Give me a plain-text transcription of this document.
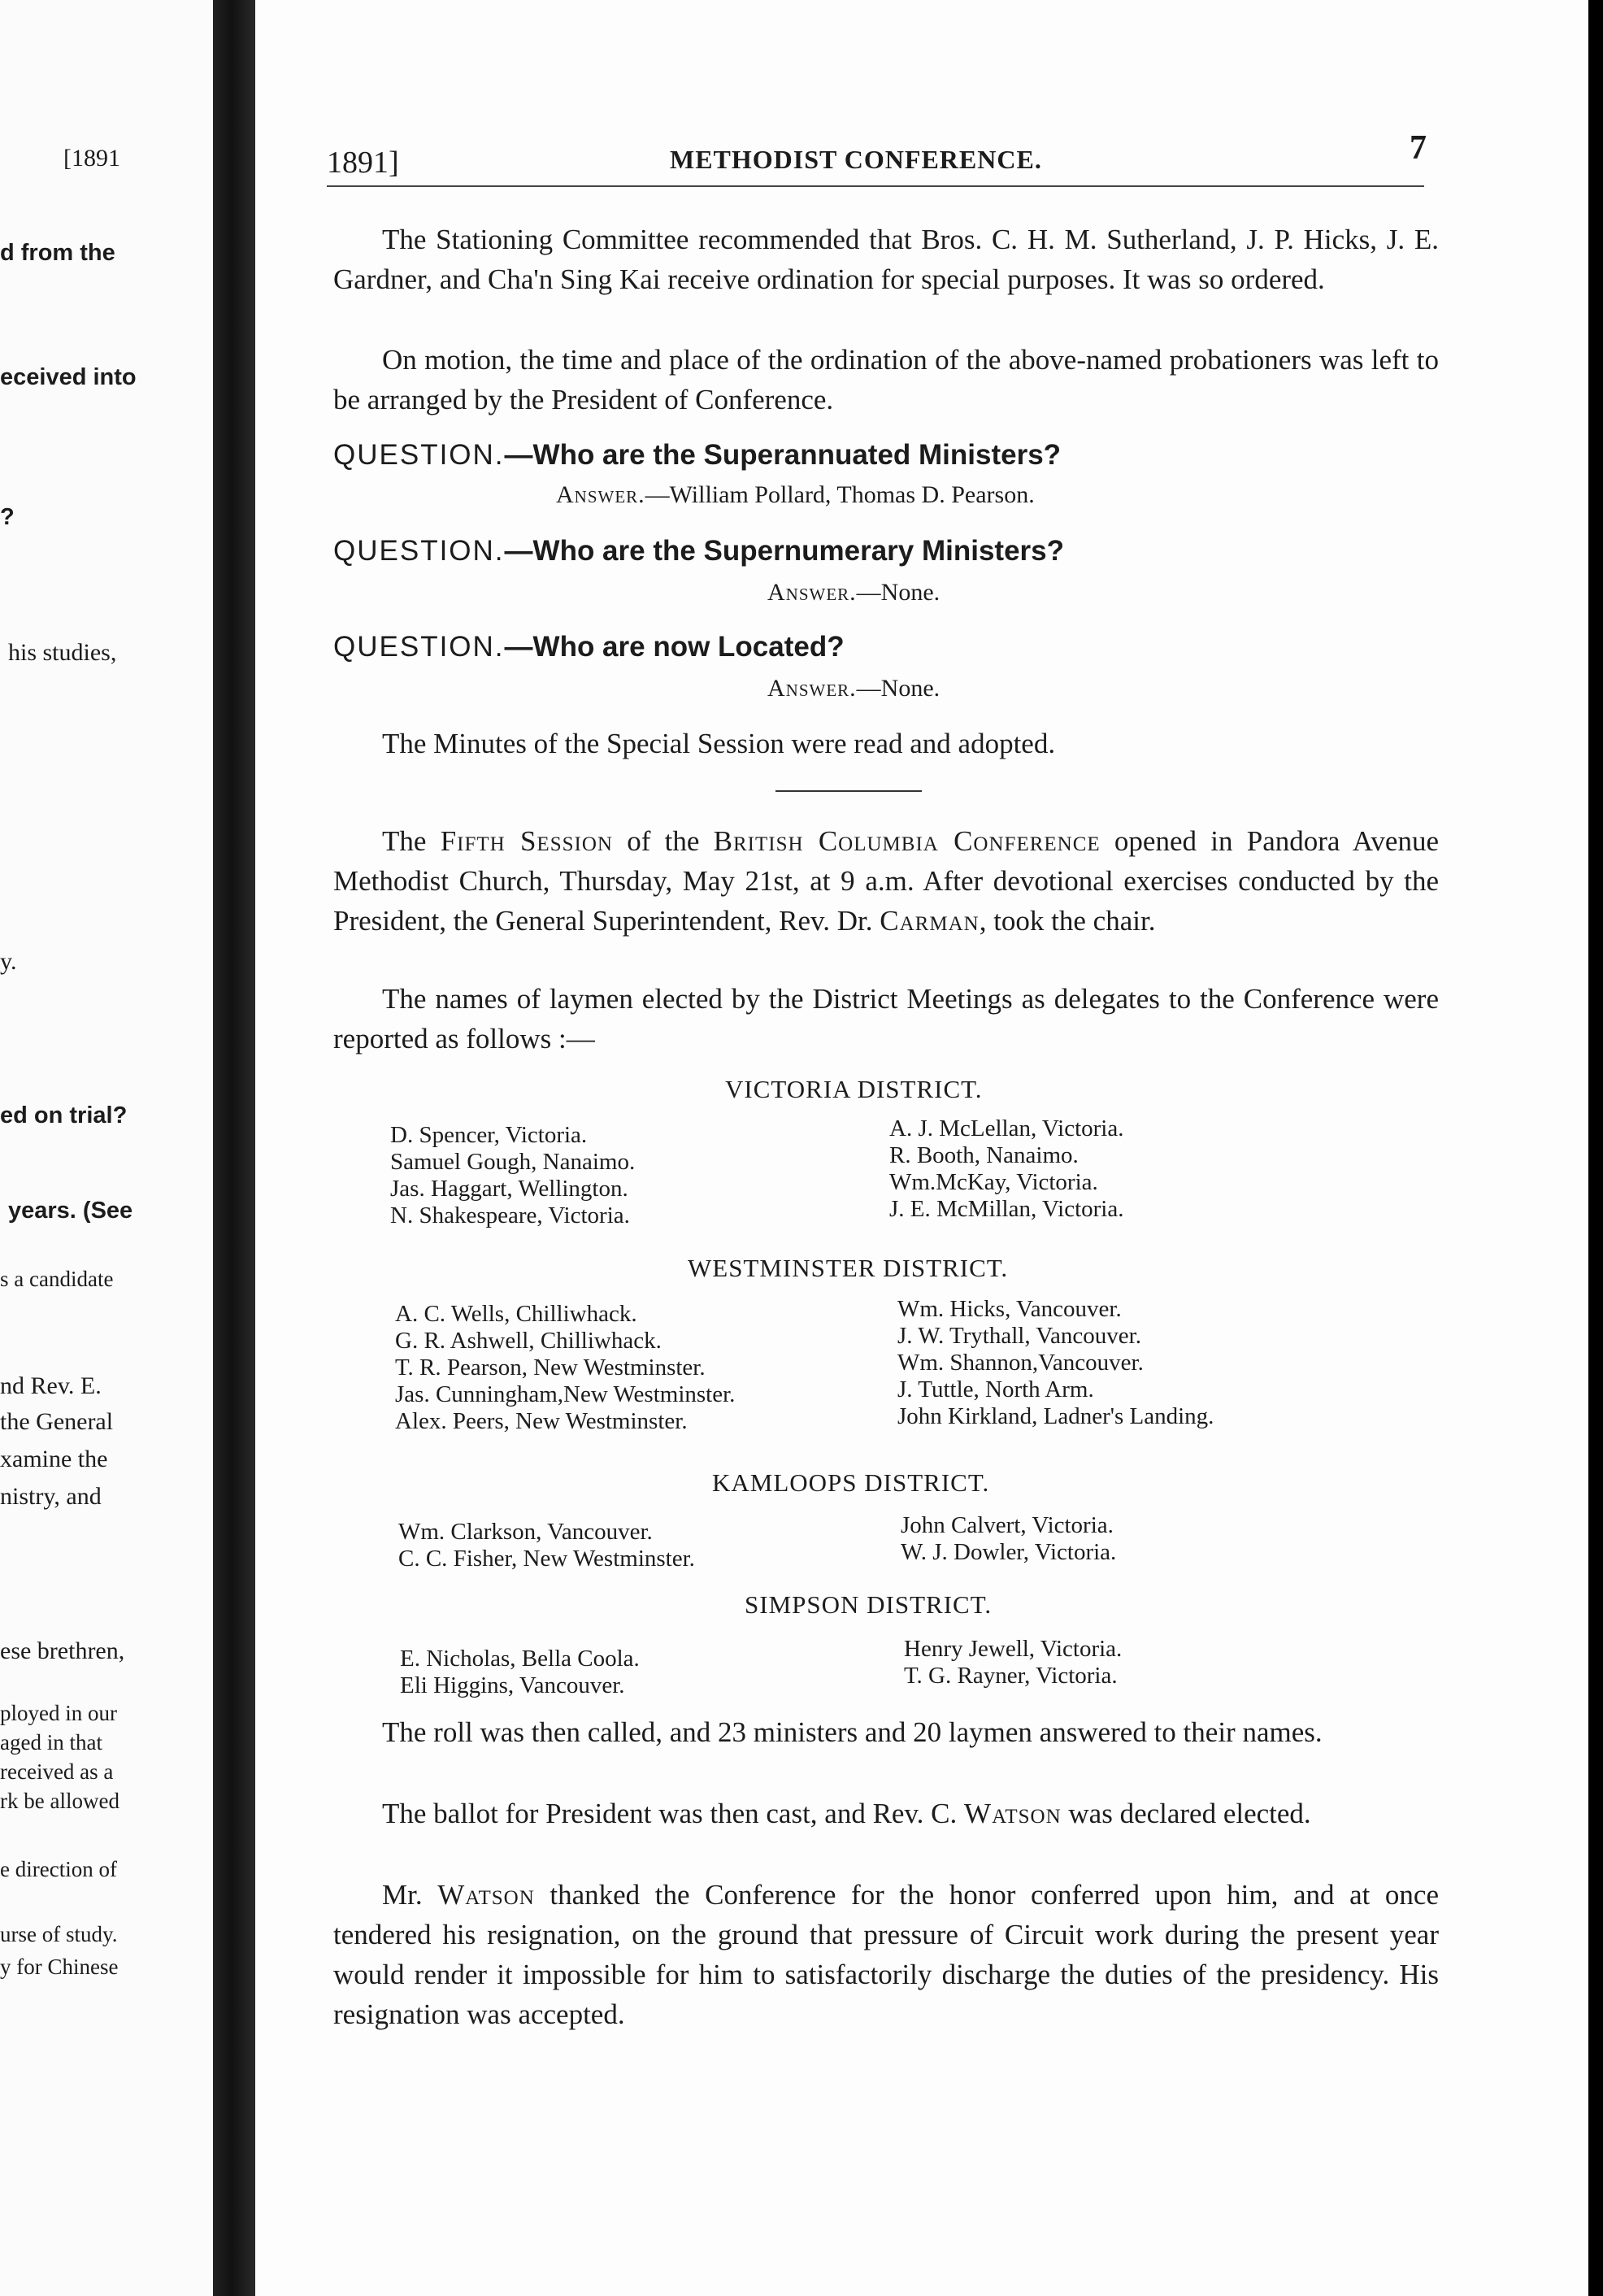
[1891
d from the
eceived into
?
his studies,
y.
ed on trial?
years. (See
s a candidate
nd Rev. E.
the General
xamine the
nistry, and
ese brethren,
ployed in our
aged in that
received as a
rk be allowed
e direction of
urse of study.
y for Chinese
1891]	METHODIST CONFERENCE.	7
The Stationing Committee recommended that Bros. C. H. M. Sutherland, J. P. Hicks, J. E. Gardner, and Cha'n Sing Kai receive ordination for special purposes. It was so ordered.
On motion, the time and place of the ordination of the above-named probationers was left to be arranged by the President of Conference.
QUESTION.—Who are the Superannuated Ministers?
Answer.—William Pollard, Thomas D. Pearson.
QUESTION.—Who are the Supernumerary Ministers?
Answer.—None.
QUESTION.—Who are now Located?
Answer.—None.
The Minutes of the Special Session were read and adopted.
The Fifth Session of the British Columbia Conference opened in Pandora Avenue Methodist Church, Thursday, May 21st, at 9 a.m. After devotional exercises conducted by the President, the General Superintendent, Rev. Dr. Carman, took the chair.
The names of laymen elected by the District Meetings as delegates to the Conference were reported as follows :—
VICTORIA DISTRICT.
D. Spencer, Victoria.
Samuel Gough, Nanaimo.
Jas. Haggart, Wellington.
N. Shakespeare, Victoria.
A. J. McLellan, Victoria.
R. Booth, Nanaimo.
Wm.McKay, Victoria.
J. E. McMillan, Victoria.
WESTMINSTER DISTRICT.
A. C. Wells, Chilliwhack.
G. R. Ashwell, Chilliwhack.
T. R. Pearson, New Westminster.
Jas. Cunningham,New Westminster.
Alex. Peers, New Westminster.
Wm. Hicks, Vancouver.
J. W. Trythall, Vancouver.
Wm. Shannon,Vancouver.
J. Tuttle, North Arm.
John Kirkland, Ladner's Landing.
KAMLOOPS DISTRICT.
Wm. Clarkson, Vancouver.
C. C. Fisher, New Westminster.
John Calvert, Victoria.
W. J. Dowler, Victoria.
SIMPSON DISTRICT.
E. Nicholas, Bella Coola.
Eli Higgins, Vancouver.
Henry Jewell, Victoria.
T. G. Rayner, Victoria.
The roll was then called, and 23 ministers and 20 laymen answered to their names.
The ballot for President was then cast, and Rev. C. Watson was declared elected.
Mr. Watson thanked the Conference for the honor conferred upon him, and at once tendered his resignation, on the ground that pressure of Circuit work during the present year would render it impossible for him to satisfactorily discharge the duties of the presidency. His resignation was accepted.
